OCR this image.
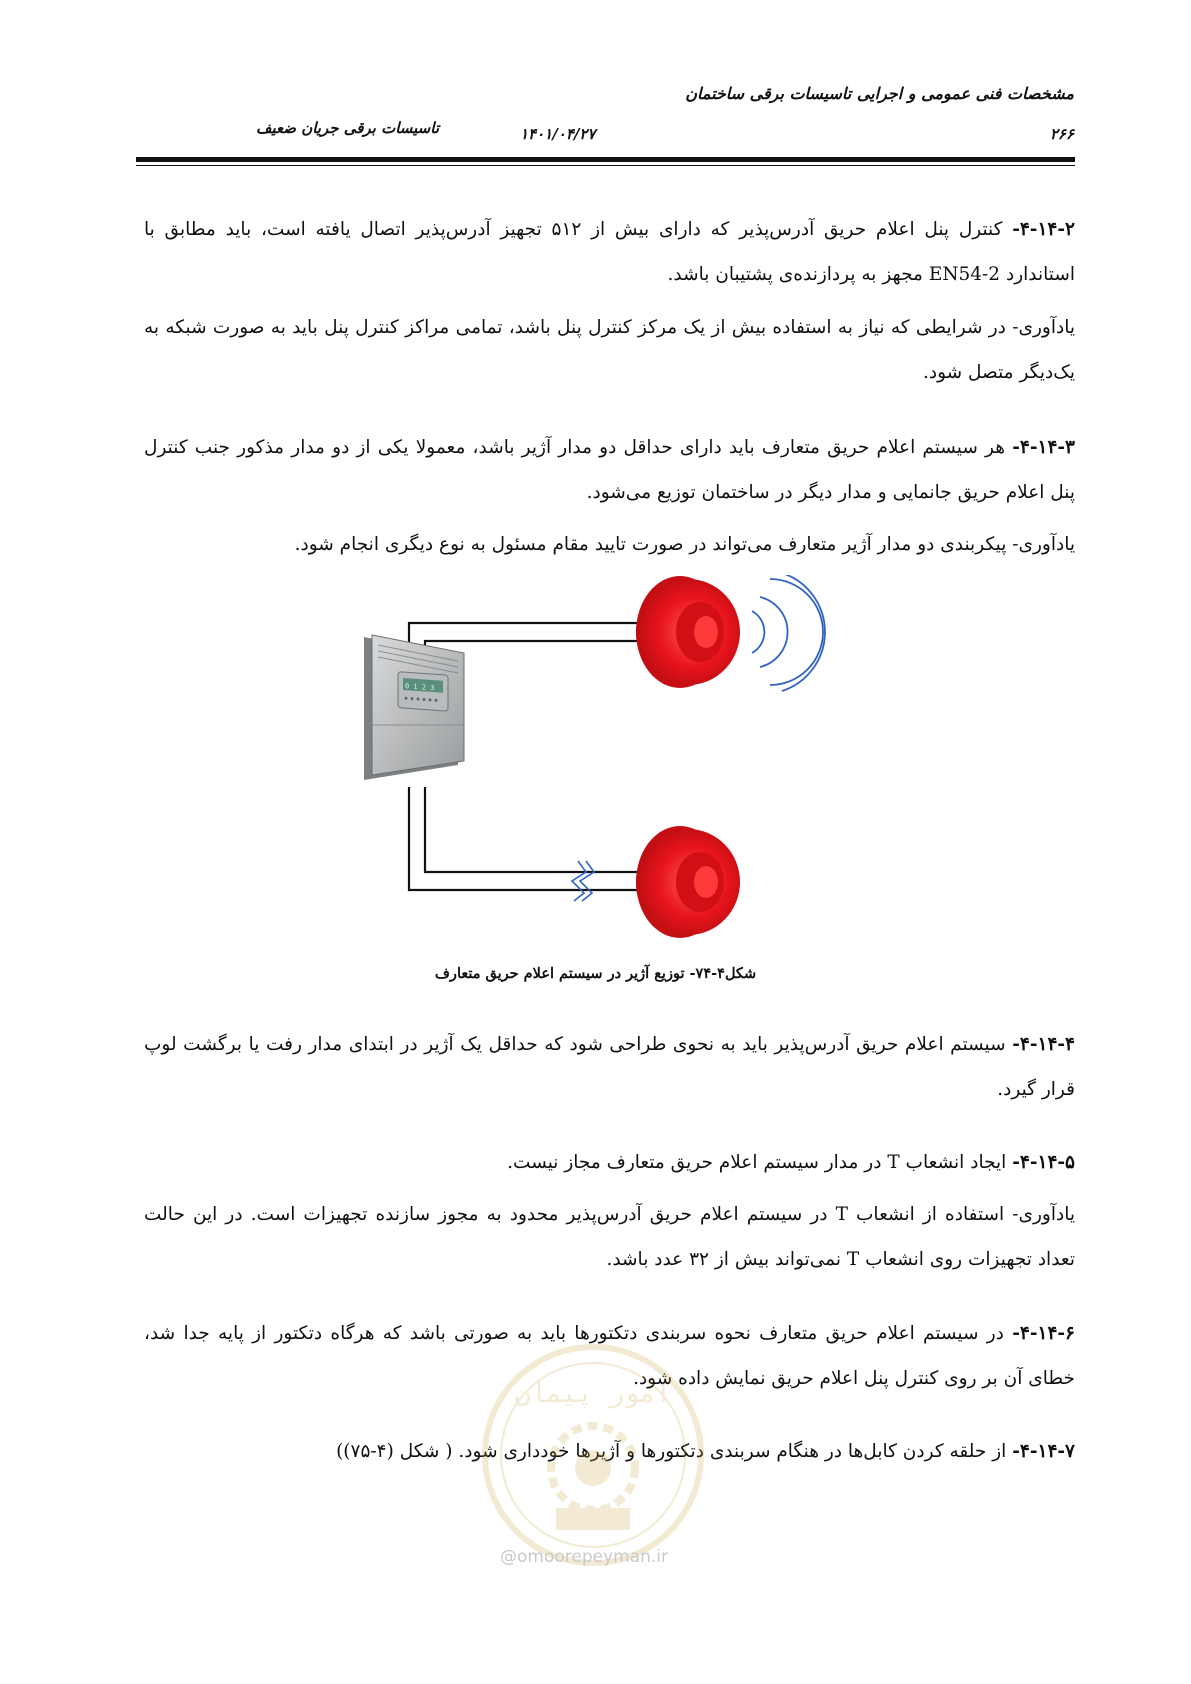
مشخصات فنی عمومی و اجرایی تاسیسات برقی ساختمان
تاسیسات برقی جریان ضعیف	۱۴۰۱/۰۴/۲۷	۲۶۶

۴-۱۴-۲- کنترل پنل اعلام حریق آدرس‌پذیر که دارای بیش از ۵۱۲ تجهیز آدرس‌پذیر اتصال یافته است، باید مطابق با استاندارد EN54-2 مجهز به پردازنده‌ی پشتیبان باشد.

یادآوری- در شرایطی که نیاز به استفاده بیش از یک مرکز کنترل پنل باشد، تمامی مراکز کنترل پنل باید به صورت شبکه به یک‌دیگر متصل شود.

۴-۱۴-۳- هر سیستم اعلام حریق متعارف باید دارای حداقل دو مدار آژیر باشد، معمولا یکی از دو مدار مذکور جنب کنترل پنل اعلام حریق جانمایی و مدار دیگر در ساختمان توزیع می‌شود.

یادآوری- پیکربندی دو مدار آژیر متعارف می‌تواند در صورت تایید مقام مسئول به نوع دیگری انجام شود.

0 1 2 3
شکل۴-۷۴- توزیع آژیر در سیستم اعلام حریق متعارف

۴-۱۴-۴- سیستم اعلام حریق آدرس‌پذیر باید به نحوی طراحی شود که حداقل یک آژیر در ابتدای مدار رفت یا برگشت لوپ قرار گیرد.

۴-۱۴-۵- ایجاد انشعاب T در مدار سیستم اعلام حریق متعارف مجاز نیست.

یادآوری- استفاده از انشعاب T در سیستم اعلام حریق آدرس‌پذیر محدود به مجوز سازنده تجهیزات است. در این حالت تعداد تجهیزات روی انشعاب T نمی‌تواند بیش از ۳۲ عدد باشد.

۴-۱۴-۶- در سیستم اعلام حریق متعارف نحوه سربندی دتکتورها باید به صورتی باشد که هرگاه دتکتور از پایه جدا شد، خطای آن بر روی کنترل پنل اعلام حریق نمایش داده شود.

۴-۱۴-۷- از حلقه کردن کابل‌ها در هنگام سربندی دتکتورها و آژیرها خودداری شود. ( شکل (۴-۷۵))

امور پیمان
@omoorepeyman.ir
